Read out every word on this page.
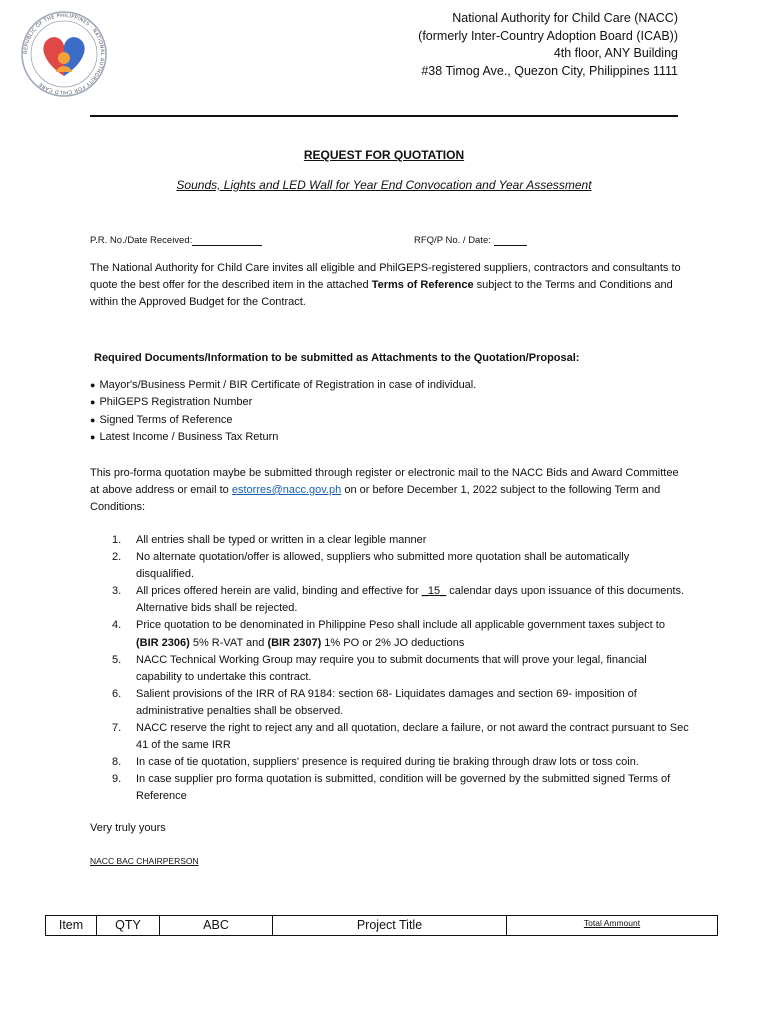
REPUBLIC OF THE PHILIPPINES · NATIONAL AUTHORITY FOR CHILD CARE
National Authority for Child Care (NACC)
(formerly Inter-Country Adoption Board (ICAB))
4th floor, ANY Building
#38 Timog Ave., Quezon City, Philippines 1111
REQUEST FOR QUOTATION
Sounds, Lights and LED Wall for Year End Convocation and Year Assessment
P.R. No./Date Received:	RFQ/P No. / Date:
The National Authority for Child Care invites all eligible and PhilGEPS-registered suppliers, contractors and consultants to quote the best offer for the described item in the attached Terms of Reference subject to the Terms and Conditions and within the Approved Budget for the Contract.
Required Documents/Information to be submitted as Attachments to the Quotation/Proposal:
● Mayor's/Business Permit / BIR Certificate of Registration in case of individual.
● PhilGEPS Registration Number
● Signed Terms of Reference
● Latest Income / Business Tax Return
This pro-forma quotation maybe be submitted through register or electronic mail to the NACC Bids and Award Committee at above address or email to estorres@nacc.gov.ph on or before December 1, 2022 subject to the following Term and Conditions:
1. All entries shall be typed or written in a clear legible manner
2. No alternate quotation/offer is allowed, suppliers who submitted more quotation shall be automatically disqualified.
3. All prices offered herein are valid, binding and effective for _15_ calendar days upon issuance of this documents. Alternative bids shall be rejected.
4. Price quotation to be denominated in Philippine Peso shall include all applicable government taxes subject to (BIR 2306) 5% R-VAT and (BIR 2307) 1% PO or 2% JO deductions
5. NACC Technical Working Group may require you to submit documents that will prove your legal, financial capability to undertake this contract.
6. Salient provisions of the IRR of RA 9184: section 68- Liquidates damages and section 69- imposition of administrative penalties shall be observed.
7. NACC reserve the right to reject any and all quotation, declare a failure, or not award the contract pursuant to Sec 41 of the same IRR
8. In case of tie quotation, suppliers' presence is required during tie braking through draw lots or toss coin.
9. In case supplier pro forma quotation is submitted, condition will be governed by the submitted signed Terms of Reference
Very truly yours
NACC BAC CHAIRPERSON
Item	QTY	ABC	Project Title	Total Ammount
